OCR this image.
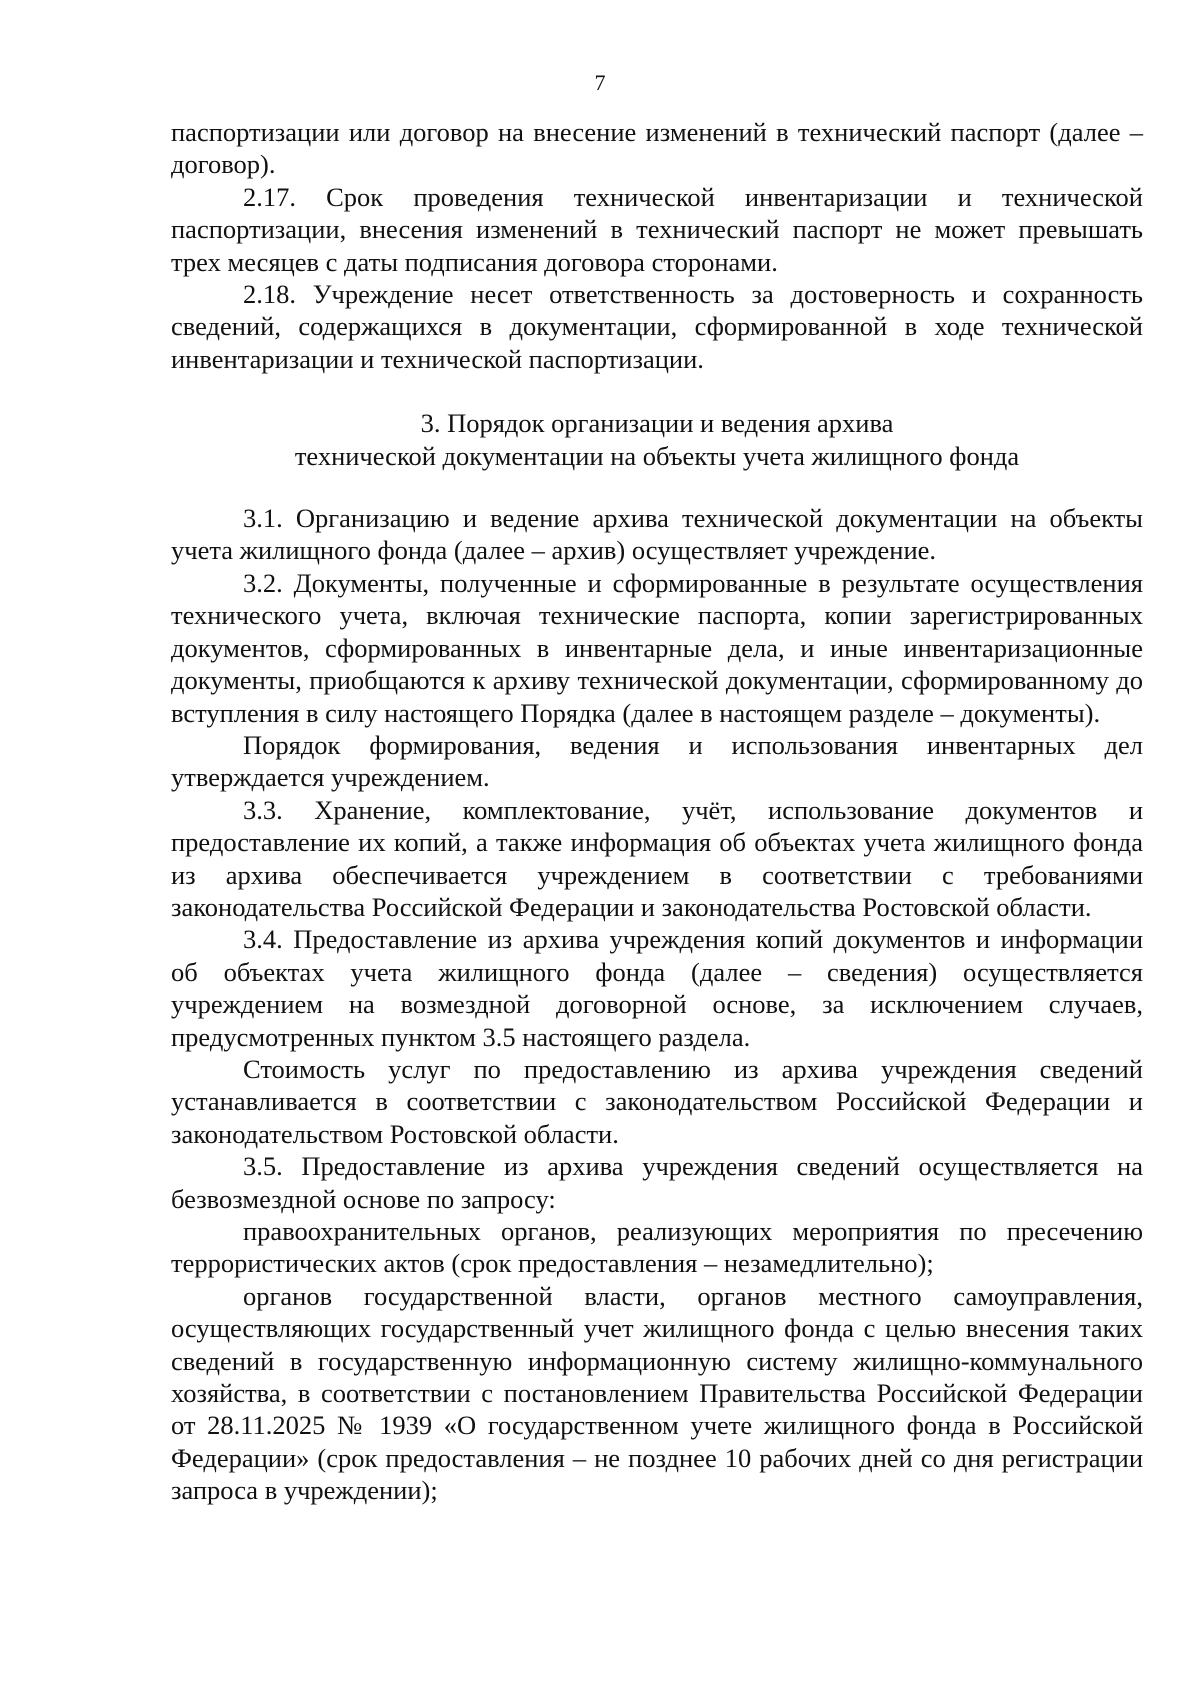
7

паспортизации или договор на внесение изменений в технический паспорт (далее – договор).

2.17. Срок проведения технической инвентаризации и технической паспортизации, внесения изменений в технический паспорт не может превышать трех месяцев с даты подписания договора сторонами.

2.18. Учреждение несет ответственность за достоверность и сохранность сведений, содержащихся в документации, сформированной в ходе технической инвентаризации и технической паспортизации.

3. Порядок организации и ведения архива
технической документации на объекты учета жилищного фонда

3.1. Организацию и ведение архива технической документации на объекты учета жилищного фонда (далее – архив) осуществляет учреждение.

3.2. Документы, полученные и сформированные в результате осуществления технического учета, включая технические паспорта, копии зарегистрированных документов, сформированных в инвентарные дела, и иные инвентаризационные документы, приобщаются к архиву технической документации, сформированному до вступления в силу настоящего Порядка (далее в настоящем разделе – документы).

Порядок формирования, ведения и использования инвентарных дел утверждается учреждением.

3.3. Хранение, комплектование, учёт, использование документов и предоставление их копий, а также информация об объектах учета жилищного фонда из архива обеспечивается учреждением в соответствии с требованиями законодательства Российской Федерации и законодательства Ростовской области.

3.4. Предоставление из архива учреждения копий документов и информации об объектах учета жилищного фонда (далее – сведения) осуществляется учреждением на возмездной договорной основе, за исключением случаев, предусмотренных пунктом 3.5 настоящего раздела.

Стоимость услуг по предоставлению из архива учреждения сведений устанавливается в соответствии с законодательством Российской Федерации и законодательством Ростовской области.

3.5. Предоставление из архива учреждения сведений осуществляется на безвозмездной основе по запросу:

правоохранительных органов, реализующих мероприятия по пресечению террористических актов (срок предоставления – незамедлительно);

органов государственной власти, органов местного самоуправления, осуществляющих государственный учет жилищного фонда с целью внесения таких сведений в государственную информационную систему жилищно-коммунального хозяйства, в соответствии с постановлением Правительства Российской Федерации от 28.11.2025 № 1939 «О государственном учете жилищного фонда в Российской Федерации» (срок предоставления – не позднее 10 рабочих дней со дня регистрации запроса в учреждении);
